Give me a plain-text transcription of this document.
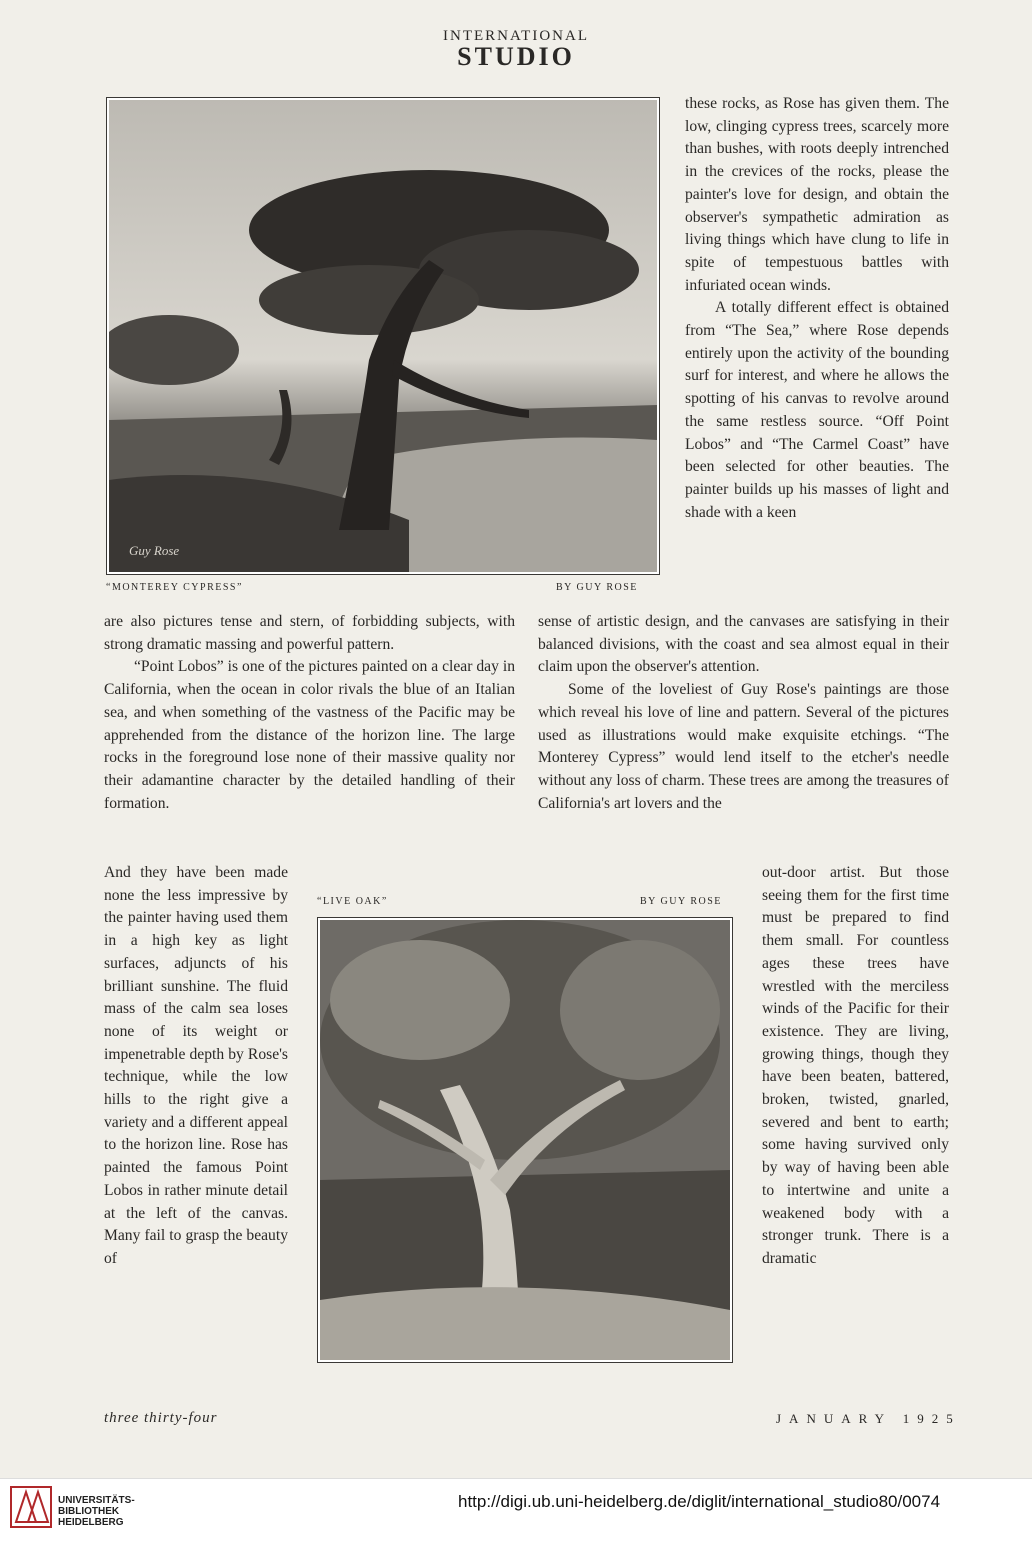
INTERNATIONAL
STUDIO
Guy Rose
“MONTEREY CYPRESS”	BY GUY ROSE

these rocks, as Rose has given them. The low, clinging cypress trees, scarcely more than bushes, with roots deeply intrenched in the crevices of the rocks, please the painter's love for design, and obtain the observer's sympathetic admiration as living things which have clung to life in spite of tempestuous battles with infuriated ocean winds.

A totally different effect is obtained from “The Sea,” where Rose depends entirely upon the activity of the bounding surf for interest, and where he allows the spotting of his canvas to revolve around the same restless source. “Off Point Lobos” and “The Carmel Coast” have been selected for other beauties. The painter builds up his masses of light and shade with a keen

are also pictures tense and stern, of forbidding subjects, with strong dramatic massing and powerful pattern.

“Point Lobos” is one of the pictures painted on a clear day in California, when the ocean in color rivals the blue of an Italian sea, and when something of the vastness of the Pacific may be apprehended from the distance of the horizon line. The large rocks in the foreground lose none of their massive quality nor their adamantine character by the detailed handling of their formation.

sense of artistic design, and the canvases are satisfying in their balanced divisions, with the coast and sea almost equal in their claim upon the observer's attention.

Some of the loveliest of Guy Rose's paintings are those which reveal his love of line and pattern. Several of the pictures used as illustrations would make exquisite etchings. “The Monterey Cypress” would lend itself to the etcher's needle without any loss of charm. These trees are among the treasures of California's art lovers and the

“LIVE OAK”	BY GUY ROSE

And they have been made none the less impressive by the painter having used them in a high key as light surfaces, adjuncts of his brilliant sunshine. The fluid mass of the calm sea loses none of its weight or impenetrable depth by Rose's technique, while the low hills to the right give a variety and a different appeal to the horizon line. Rose has painted the famous Point Lobos in rather minute detail at the left of the canvas. Many fail to grasp the beauty of

out-door artist. But those seeing them for the first time must be prepared to find them small. For countless ages these trees have wrestled with the merciless winds of the Pacific for their existence. They are living, growing things, though they have been beaten, battered, broken, twisted, gnarled, severed and bent to earth; some having survived only by way of having been able to intertwine and unite a weakened body with a stronger trunk. There is a dramatic

three thirty-four	JANUARY 1925
UNIVERSITÄTS-
BIBLIOTHEK
HEIDELBERG
http://digi.ub.uni-heidelberg.de/diglit/international_studio80/0074
